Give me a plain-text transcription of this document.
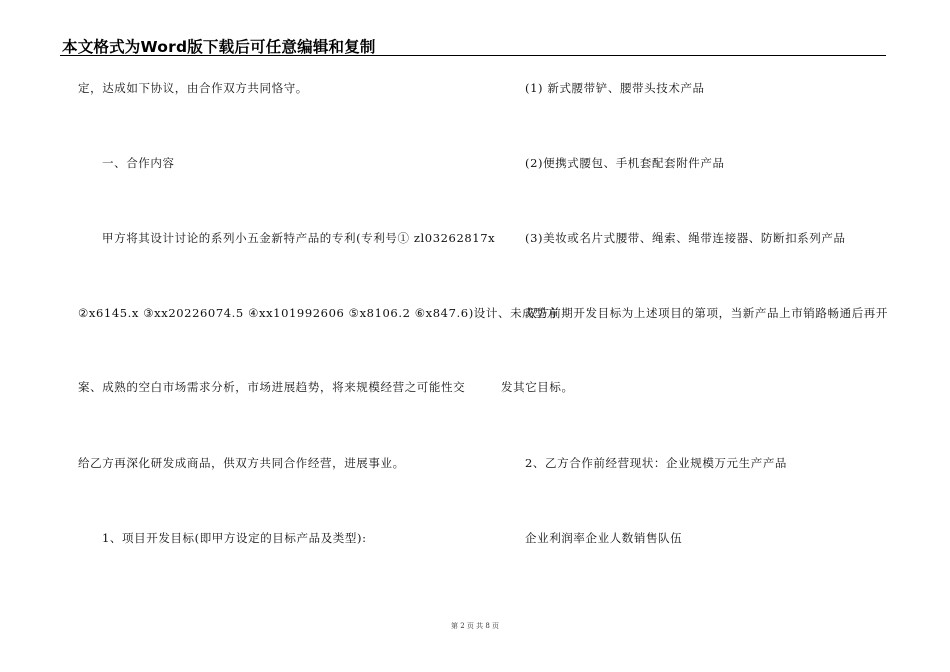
本文格式为Word版下载后可任意编辑和复制
定，达成如下协议，由合作双方共同恪守。
一、合作内容
甲方将其设计讨论的系列小五金新特产品的专利(专利号① zl03262817x
②x6145.x ③xx20226074.5 ④xx101992606 ⑤x8106.2 ⑥x847.6)设计、未成型方
案、成熟的空白市场需求分析，市场进展趋势，将来规模经营之可能性交
给乙方再深化研发成商品，供双方共同合作经营，进展事业。
1、项目开发目标(即甲方设定的目标产品及类型):
(1) 新式腰带铲、腰带头技术产品
(2)便携式腰包、手机套配套附件产品
(3)美妆或名片式腰带、绳索、绳带连接器、防断扣系列产品
双方前期开发目标为上述项目的第项，当新产品上市销路畅通后再开
发其它目标。
2、乙方合作前经营现状：企业规模万元生产产品
企业利润率企业人数销售队伍
第 2 页 共 8 页
